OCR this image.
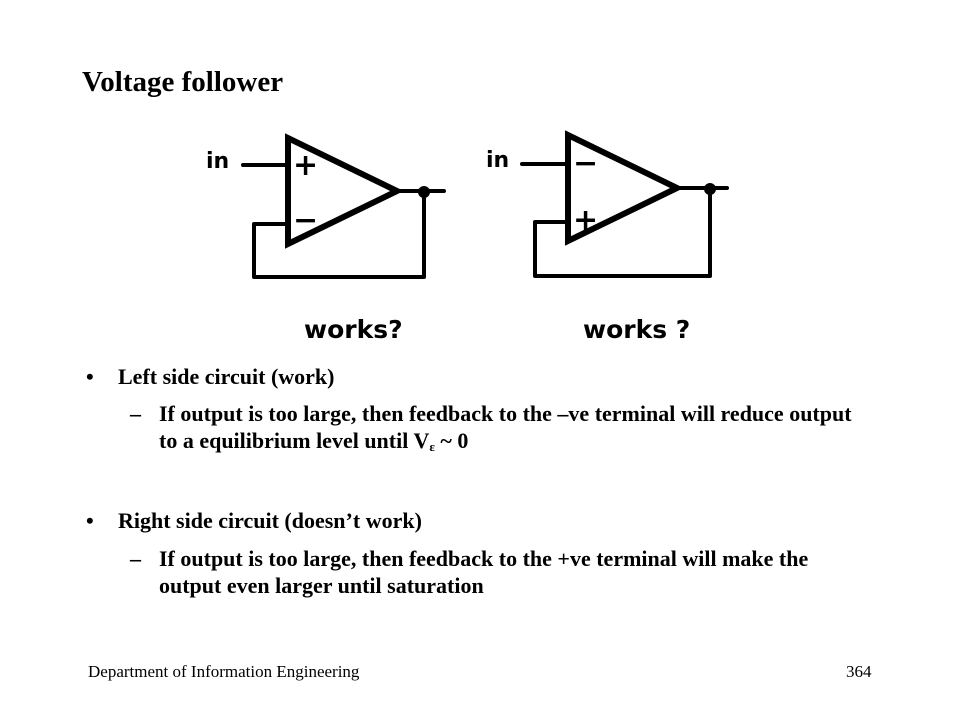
Voltage follower
in +
−
works?
in −
+
works ?
• Left side circuit (work)
– If output is too large, then feedback to the –ve terminal will reduce output to a equilibrium level until $V_\varepsilon$ ~ 0
• Right side circuit (doesn’t work)
– If output is too large, then feedback to the +ve terminal will make the output even larger until saturation
Department of Information Engineering	364
